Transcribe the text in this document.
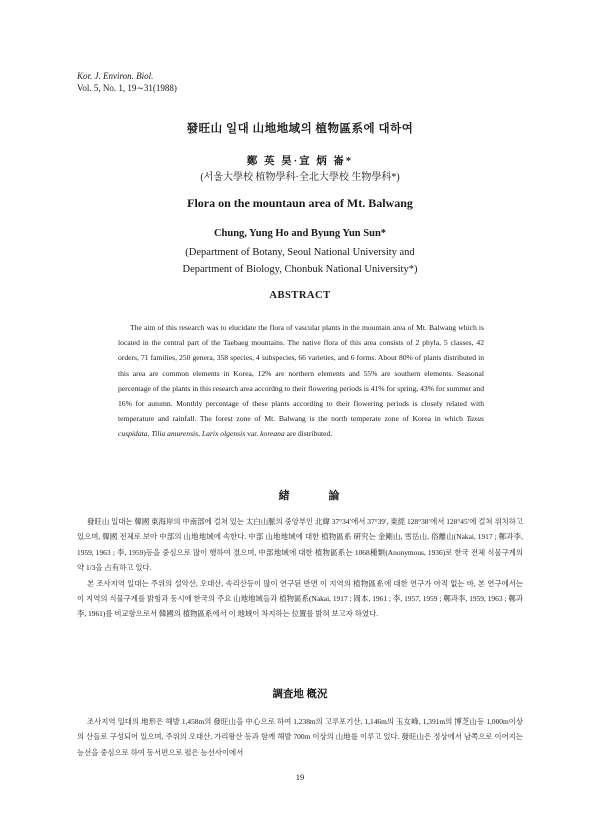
Kor. J. Environ. Biol.
Vol. 5, No. 1, 19∼31(1988)
發旺山 일대 山地地域의 植物區系에 대하여
鄭 英 昊·宣 炳 崙*
(서울大學校 植物學科·全北大學校 生物學科*)
Flora on the mountaun area of Mt. Balwang
Chung, Yung Ho and Byung Yun Sun*
(Department of Botany, Seoul National University and
Department of Biology, Chonbuk National University*)
ABSTRACT
The aim of this research was to elucidate the flora of vascular plants in the mountain area of Mt. Balwang which is located in the central part of the Taebaeg mountains. The native flora of this area consists of 2 phyla, 5 classes, 42 orders, 71 families, 250 genera, 358 species, 4 subspecies, 66 varieties, and 6 forms. About 80% of plants distributed in this area are common elements in Korea, 12% are northern elements and 55% are southern elements. Seasonal percentage of the plants in this research area accordng to their flowering periods is 41% for spring, 43% for summer and 16% for autumn. Monthly percentage of these plants according to their flowering periods is closely related with temperature and rainfall. The forest zone of Mt. Balwang is the north temperate zone of Korea in which Taxus cuspidata, Tilia amurensis, Larix olgensis var. koreana are distributed.
緒 論

發旺山 일대는 韓國 東海岸의 中南部에 걸쳐 있는 太白山脈의 중앙부인 北緯 37°34′에서 37°39′, 東經 128°38′에서 128°45′에 걸쳐 위치하고 있으며, 韓國 전체로 보아 中部의 山地地域에 속한다. 中部 山地地域에 대한 植物區系 硏究는 金剛山, 雪岳山, 俗離山(Nakai, 1917 ; 鄭과李, 1959, 1963 ; 李, 1959)등을 중심으로 많이 행하여 졌으며, 中部地域에 대한 植物區系는 1068種類(Anonymous, 1936)로 한국 전체 식물구계의 약 1/3을 占有하고 있다.

본 조사지역 일대는 주위의 설악산, 오대산, 속리산등이 많이 연구된 반면 이 지역의 植物區系에 대한 연구가 아직 없는 바, 본 연구에서는 이 지역의 식물구계를 밝힘과 동시에 한국의 주요 山地地域들과 植物區系(Nakai, 1917 ; 岡本, 1961 ; 李, 1957, 1959 ; 鄭과李, 1959, 1963 ; 鄭과李, 1961)를 비교함으로서 韓國의 植物區系에서 이 地域이 차지하는 位置를 밝혀 보고자 하였다.

調査地 槪況

조사지역 일대의 地形은 해발 1,458m의 發旺山을 中心으로 하여 1,238m의 고루포기산, 1,146m의 玉女峰, 1,391m의 博芝山등 1,000m이상의 산들로 구성되어 있으며, 주위의 오대산, 가리왕산 등과 함께 해발 700m 이상의 山地를 이루고 있다. 發旺山은 정상에서 남쪽으로 이어지는 능선을 중심으로 하여 동서편으로 펼은 능선사이에서

19
